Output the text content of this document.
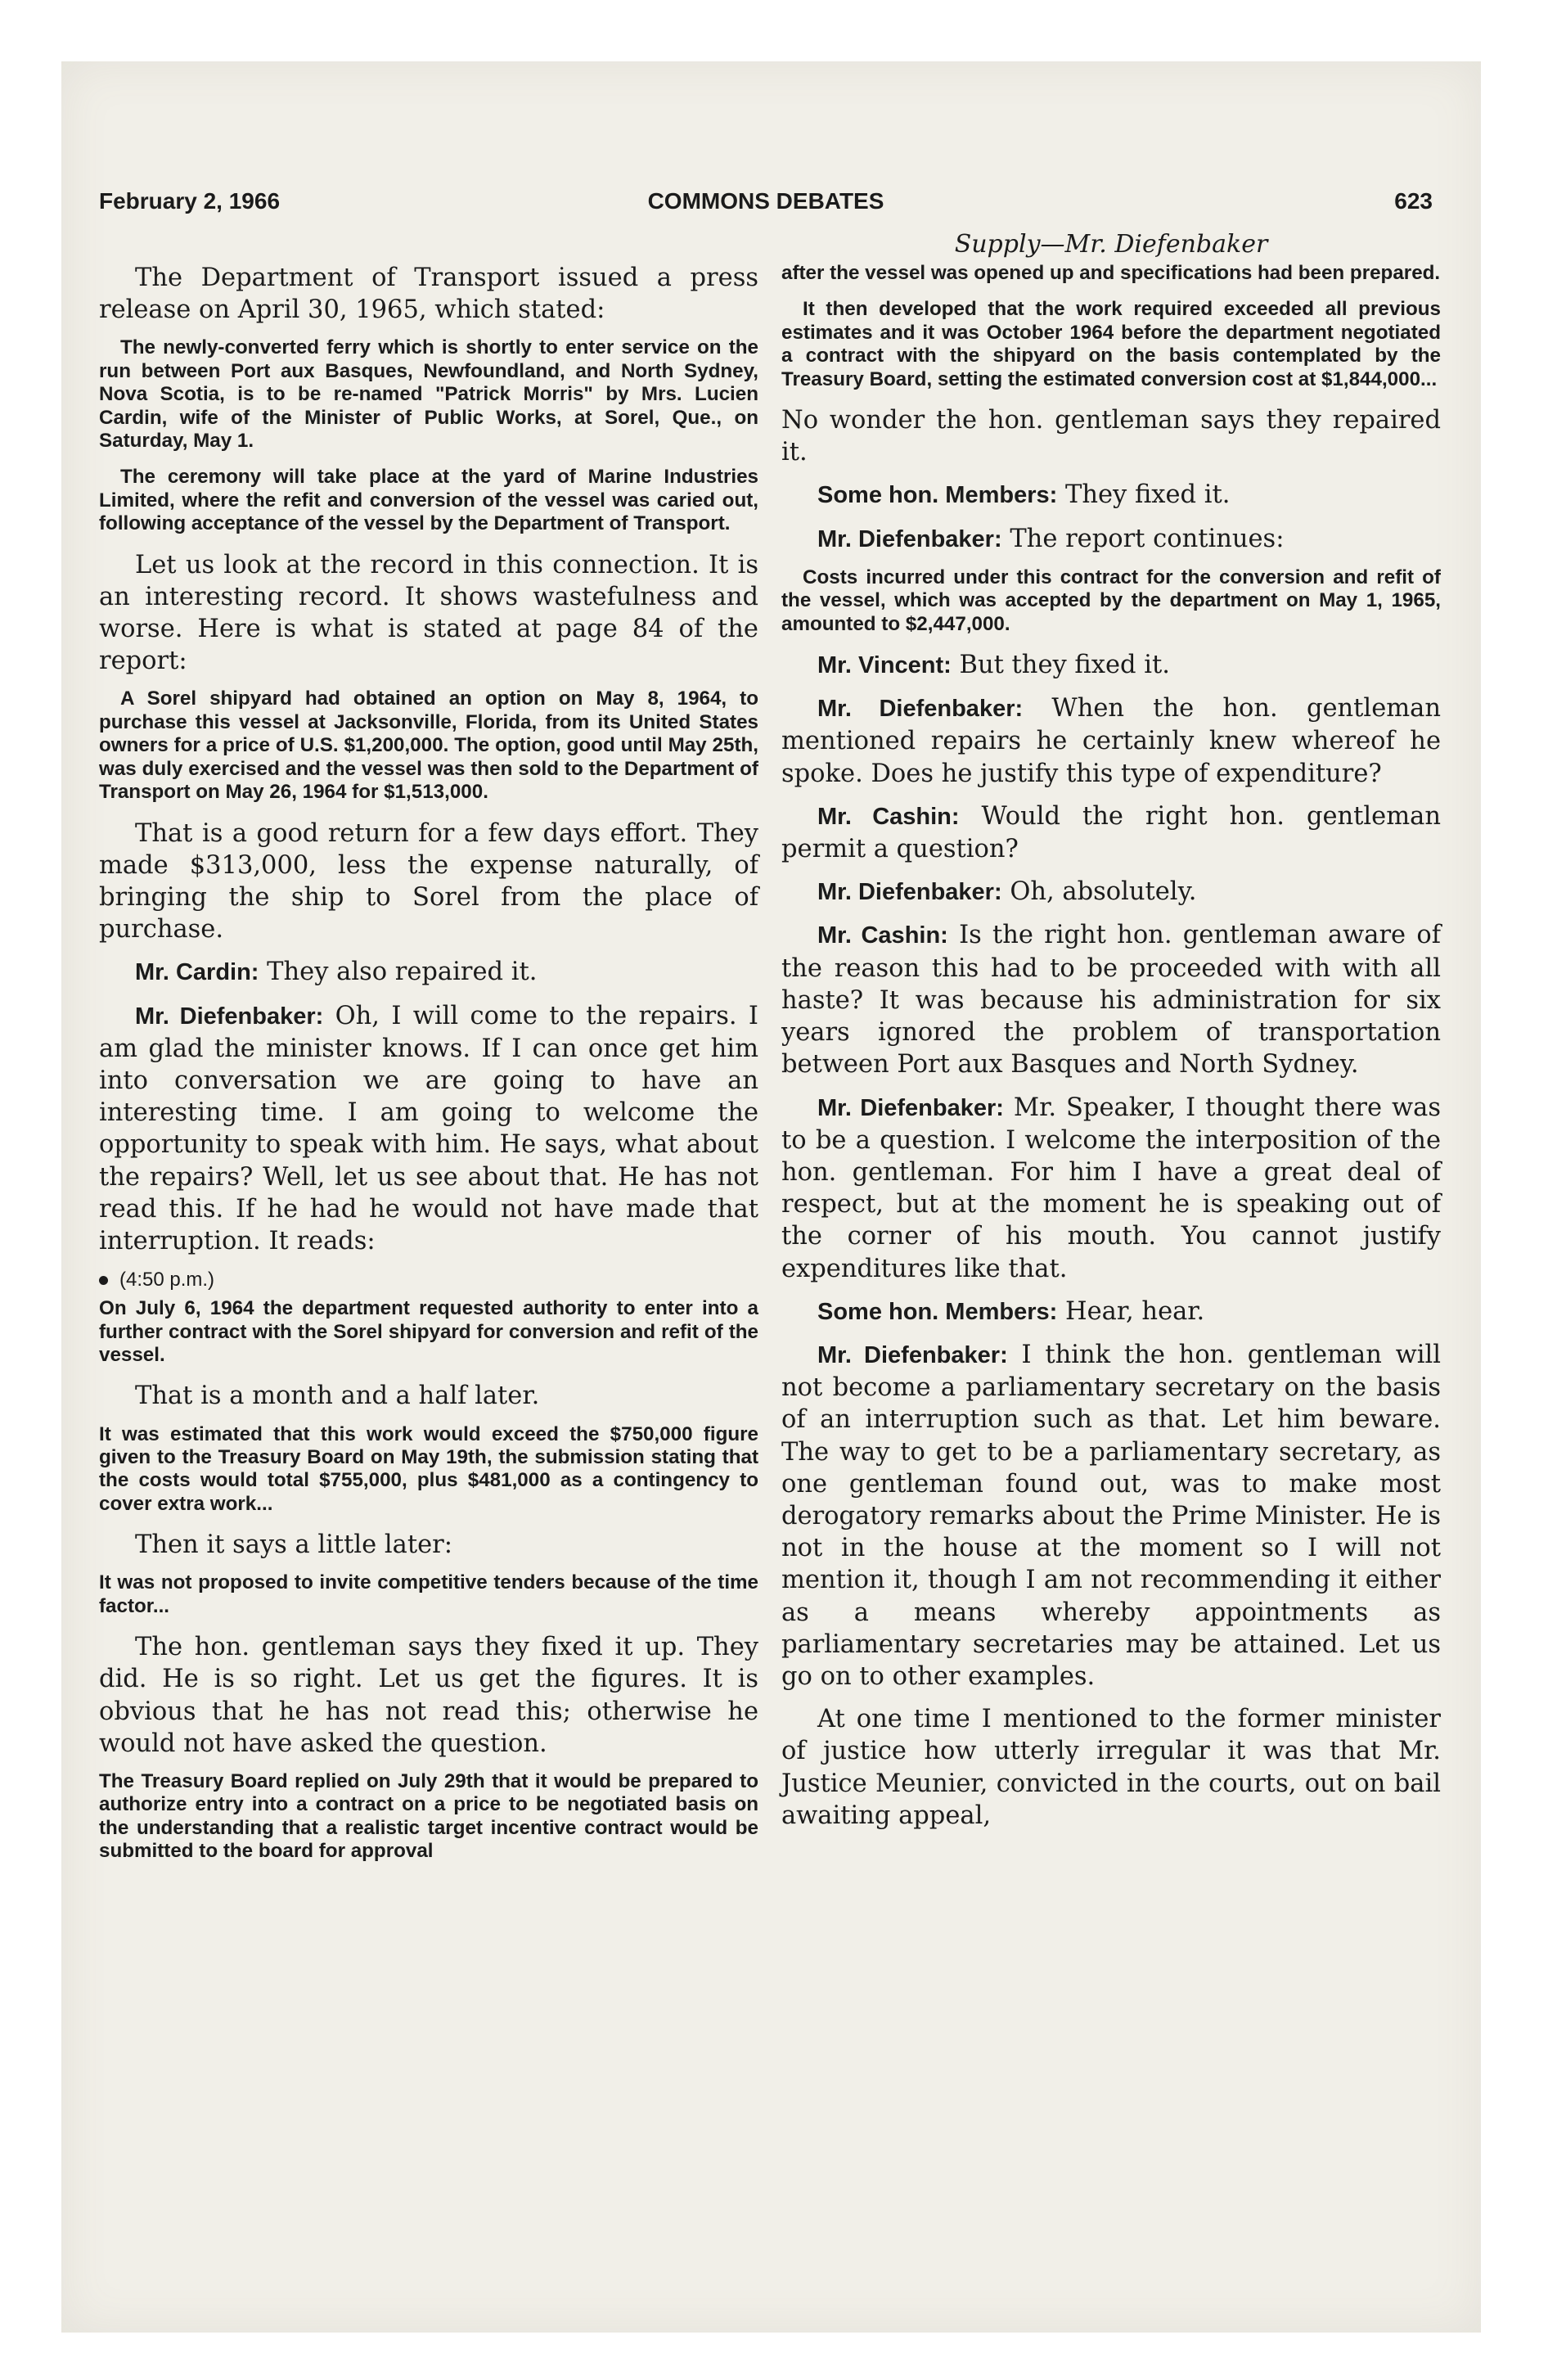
February 2, 1966	COMMONS DEBATES	623

The Department of Transport issued a press release on April 30, 1965, which stated:

The newly-converted ferry which is shortly to enter service on the run between Port aux Basques, Newfoundland, and North Sydney, Nova Scotia, is to be re-named "Patrick Morris" by Mrs. Lucien Cardin, wife of the Minister of Public Works, at Sorel, Que., on Saturday, May 1.

The ceremony will take place at the yard of Marine Industries Limited, where the refit and conversion of the vessel was caried out, following acceptance of the vessel by the Department of Transport.

Let us look at the record in this connection. It is an interesting record. It shows wastefulness and worse. Here is what is stated at page 84 of the report:

A Sorel shipyard had obtained an option on May 8, 1964, to purchase this vessel at Jacksonville, Florida, from its United States owners for a price of U.S. $1,200,000. The option, good until May 25th, was duly exercised and the vessel was then sold to the Department of Transport on May 26, 1964 for $1,513,000.

That is a good return for a few days effort. They made $313,000, less the expense naturally, of bringing the ship to Sorel from the place of purchase.

Mr. Cardin: They also repaired it.

Mr. Diefenbaker: Oh, I will come to the repairs. I am glad the minister knows. If I can once get him into conversation we are going to have an interesting time. I am going to welcome the opportunity to speak with him. He says, what about the repairs? Well, let us see about that. He has not read this. If he had he would not have made that interruption. It reads:

(4:50 p.m.)

On July 6, 1964 the department requested authority to enter into a further contract with the Sorel shipyard for conversion and refit of the vessel.

That is a month and a half later.

It was estimated that this work would exceed the $750,000 figure given to the Treasury Board on May 19th, the submission stating that the costs would total $755,000, plus $481,000 as a contingency to cover extra work...

Then it says a little later:

It was not proposed to invite competitive tenders because of the time factor...

The hon. gentleman says they fixed it up. They did. He is so right. Let us get the figures. It is obvious that he has not read this; otherwise he would not have asked the question.

The Treasury Board replied on July 29th that it would be prepared to authorize entry into a contract on a price to be negotiated basis on the understanding that a realistic target incentive contract would be submitted to the board for approval

Supply—Mr. Diefenbaker

after the vessel was opened up and specifications had been prepared.

It then developed that the work required exceeded all previous estimates and it was October 1964 before the department negotiated a contract with the shipyard on the basis contemplated by the Treasury Board, setting the estimated conversion cost at $1,844,000...

No wonder the hon. gentleman says they repaired it.

Some hon. Members: They fixed it.

Mr. Diefenbaker: The report continues:

Costs incurred under this contract for the conversion and refit of the vessel, which was accepted by the department on May 1, 1965, amounted to $2,447,000.

Mr. Vincent: But they fixed it.

Mr. Diefenbaker: When the hon. gentleman mentioned repairs he certainly knew whereof he spoke. Does he justify this type of expenditure?

Mr. Cashin: Would the right hon. gentleman permit a question?

Mr. Diefenbaker: Oh, absolutely.

Mr. Cashin: Is the right hon. gentleman aware of the reason this had to be proceeded with with all haste? It was because his administration for six years ignored the problem of transportation between Port aux Basques and North Sydney.

Mr. Diefenbaker: Mr. Speaker, I thought there was to be a question. I welcome the interposition of the hon. gentleman. For him I have a great deal of respect, but at the moment he is speaking out of the corner of his mouth. You cannot justify expenditures like that.

Some hon. Members: Hear, hear.

Mr. Diefenbaker: I think the hon. gentleman will not become a parliamentary secretary on the basis of an interruption such as that. Let him beware. The way to get to be a parliamentary secretary, as one gentleman found out, was to make most derogatory remarks about the Prime Minister. He is not in the house at the moment so I will not mention it, though I am not recommending it either as a means whereby appointments as parliamentary secretaries may be attained. Let us go on to other examples.

At one time I mentioned to the former minister of justice how utterly irregular it was that Mr. Justice Meunier, convicted in the courts, out on bail awaiting appeal,
